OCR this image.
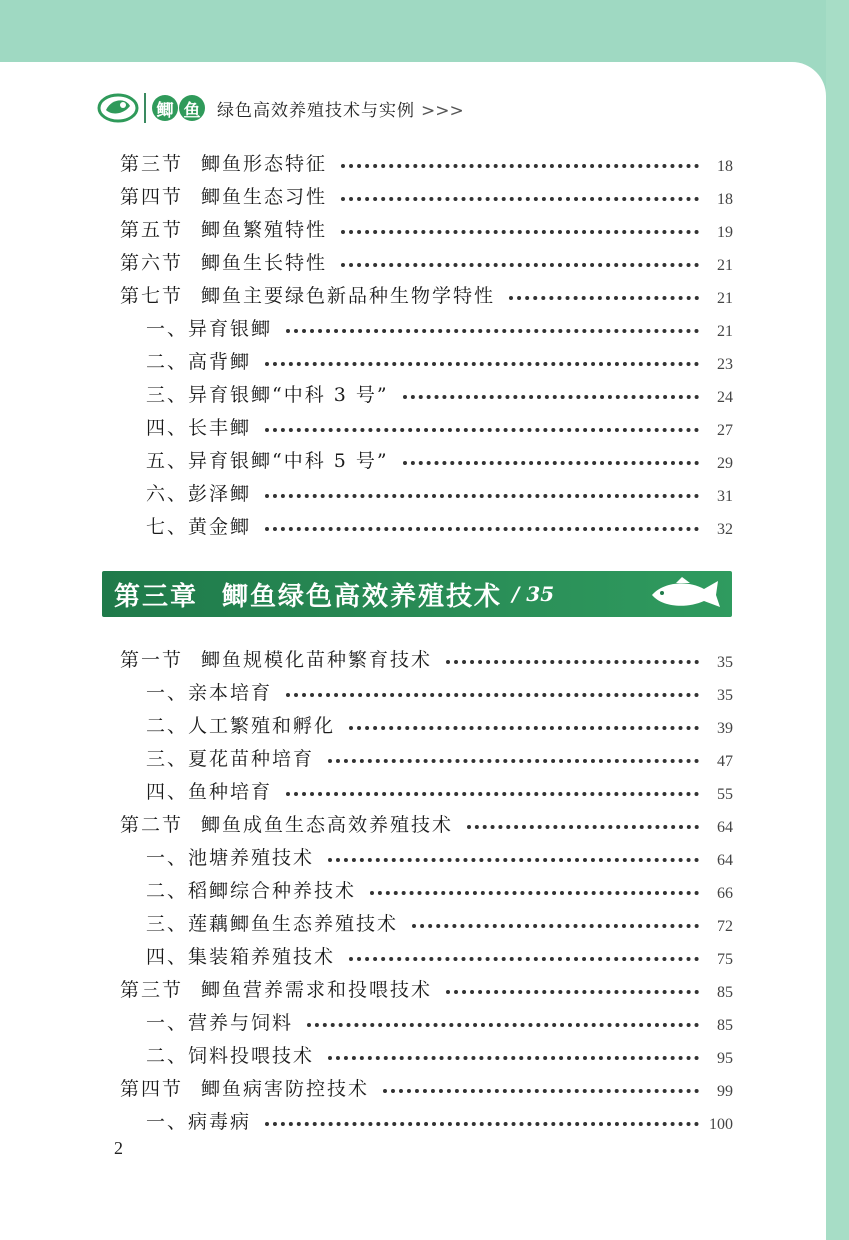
鲫 鱼 绿色高效养殖技术与实例 >>>
第三节 鲫鱼形态特征	18
第四节 鲫鱼生态习性	18
第五节 鲫鱼繁殖特性	19
第六节 鲫鱼生长特性	21
第七节 鲫鱼主要绿色新品种生物学特性	21
一、异育银鲫	21
二、高背鲫	23
三、异育银鲫“中科 3 号”	24
四、长丰鲫	27
五、异育银鲫“中科 5 号”	29
六、彭泽鲫	31
七、黄金鲫	32
第三章 鲫鱼绿色高效养殖技术 / 35
第一节 鲫鱼规模化苗种繁育技术	35
一、亲本培育	35
二、人工繁殖和孵化	39
三、夏花苗种培育	47
四、鱼种培育	55
第二节 鲫鱼成鱼生态高效养殖技术	64
一、池塘养殖技术	64
二、稻鲫综合种养技术	66
三、莲藕鲫鱼生态养殖技术	72
四、集装箱养殖技术	75
第三节 鲫鱼营养需求和投喂技术	85
一、营养与饲料	85
二、饲料投喂技术	95
第四节 鲫鱼病害防控技术	99
一、病毒病	100
2
